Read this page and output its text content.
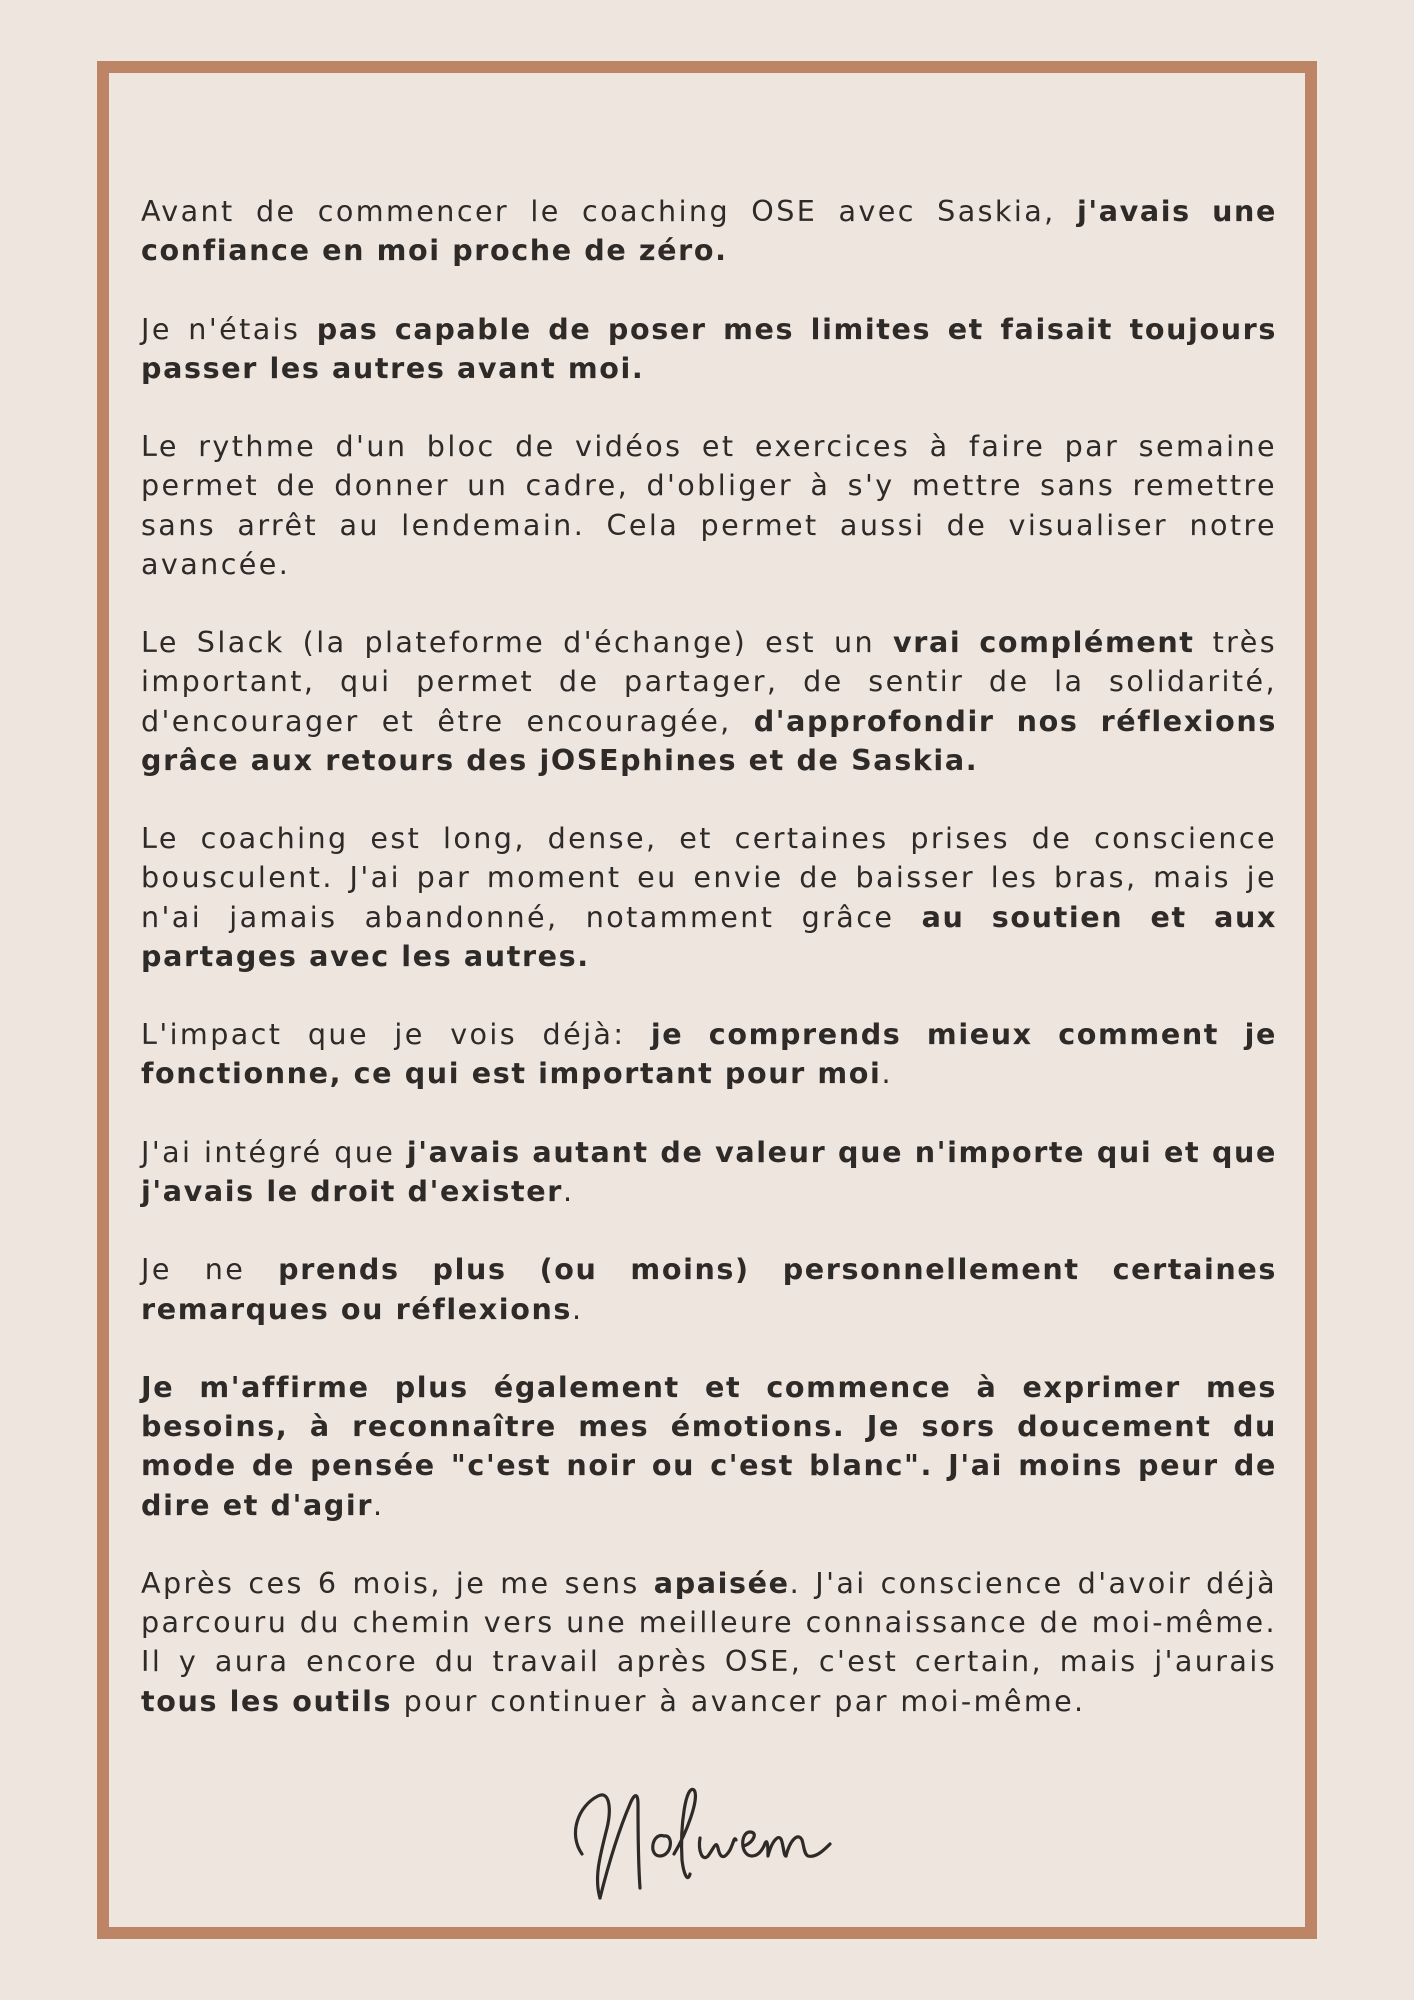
Avant de commencer le coaching OSE avec Saskia, j'avais une confiance en moi proche de zéro.

Je n'étais pas capable de poser mes limites et faisait toujours passer les autres avant moi.

Le rythme d'un bloc de vidéos et exercices à faire par semaine permet de donner un cadre, d'obliger à s'y mettre sans remettre sans arrêt au lendemain. Cela permet aussi de visualiser notre avancée.

Le Slack (la plateforme d'échange) est un vrai complément très important, qui permet de partager, de sentir de la solidarité, d'encourager et être encouragée, d'approfondir nos réflexions grâce aux retours des jOSEphines et de Saskia.

Le coaching est long, dense, et certaines prises de conscience bousculent. J'ai par moment eu envie de baisser les bras, mais je n'ai jamais abandonné, notamment grâce au soutien et aux partages avec les autres.

L'impact que je vois déjà: je comprends mieux comment je fonctionne, ce qui est important pour moi.

J'ai intégré que j'avais autant de valeur que n'importe qui et que j'avais le droit d'exister.

Je ne prends plus (ou moins) personnellement certaines remarques ou réflexions.

Je m'affirme plus également et commence à exprimer mes besoins, à reconnaître mes émotions. Je sors doucement du mode de pensée "c'est noir ou c'est blanc". J'ai moins peur de dire et d'agir.

Après ces 6 mois, je me sens apaisée. J'ai conscience d'avoir déjà parcouru du chemin vers une meilleure connaissance de moi-même. Il y aura encore du travail après OSE, c'est certain, mais j'aurais tous les outils pour continuer à avancer par moi-même.
